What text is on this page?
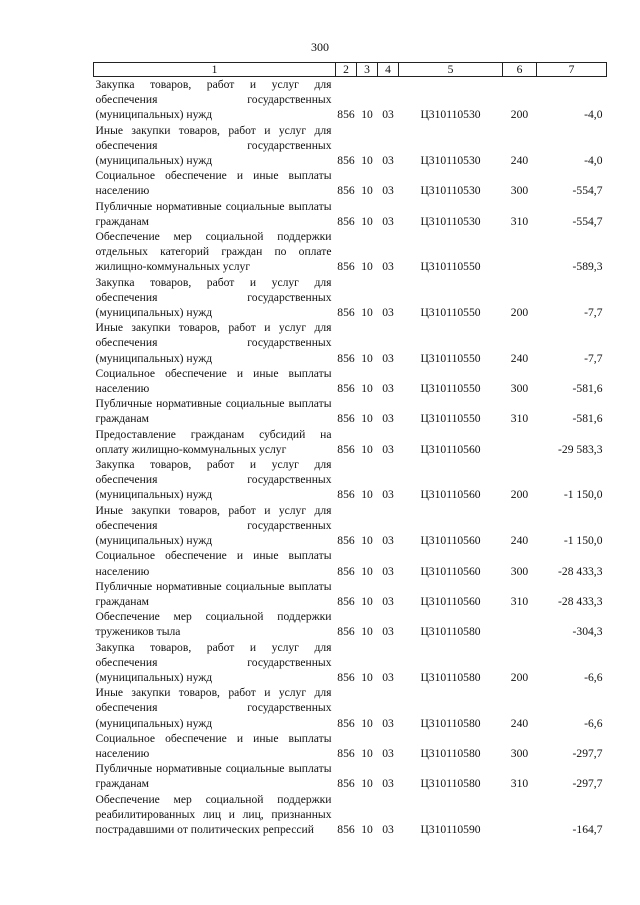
300
1	2	3	4	5	6	7
Закупка товаров, работ и услуг для обеспечения государственных (муниципальных) нужд	856	10	03	Ц310110530	200	-4,0
Иные закупки товаров, работ и услуг для обеспечения государственных (муниципальных) нужд	856	10	03	Ц310110530	240	-4,0
Социальное обеспечение и иные выплаты населению	856	10	03	Ц310110530	300	-554,7
Публичные нормативные социальные выплаты гражданам	856	10	03	Ц310110530	310	-554,7
Обеспечение мер социальной поддержки отдельных категорий граждан по оплате жилищно-коммунальных услуг	856	10	03	Ц310110550		-589,3
Закупка товаров, работ и услуг для обеспечения государственных (муниципальных) нужд	856	10	03	Ц310110550	200	-7,7
Иные закупки товаров, работ и услуг для обеспечения государственных (муниципальных) нужд	856	10	03	Ц310110550	240	-7,7
Социальное обеспечение и иные выплаты населению	856	10	03	Ц310110550	300	-581,6
Публичные нормативные социальные выплаты гражданам	856	10	03	Ц310110550	310	-581,6
Предоставление гражданам субсидий на оплату жилищно-коммунальных услуг	856	10	03	Ц310110560		-29 583,3
Закупка товаров, работ и услуг для обеспечения государственных (муниципальных) нужд	856	10	03	Ц310110560	200	-1 150,0
Иные закупки товаров, работ и услуг для обеспечения государственных (муниципальных) нужд	856	10	03	Ц310110560	240	-1 150,0
Социальное обеспечение и иные выплаты населению	856	10	03	Ц310110560	300	-28 433,3
Публичные нормативные социальные выплаты гражданам	856	10	03	Ц310110560	310	-28 433,3
Обеспечение мер социальной поддержки тружеников тыла	856	10	03	Ц310110580		-304,3
Закупка товаров, работ и услуг для обеспечения государственных (муниципальных) нужд	856	10	03	Ц310110580	200	-6,6
Иные закупки товаров, работ и услуг для обеспечения государственных (муниципальных) нужд	856	10	03	Ц310110580	240	-6,6
Социальное обеспечение и иные выплаты населению	856	10	03	Ц310110580	300	-297,7
Публичные нормативные социальные выплаты гражданам	856	10	03	Ц310110580	310	-297,7
Обеспечение мер социальной поддержки реабилитированных лиц и лиц, признанных пострадавшими от политических репрессий	856	10	03	Ц310110590		-164,7
